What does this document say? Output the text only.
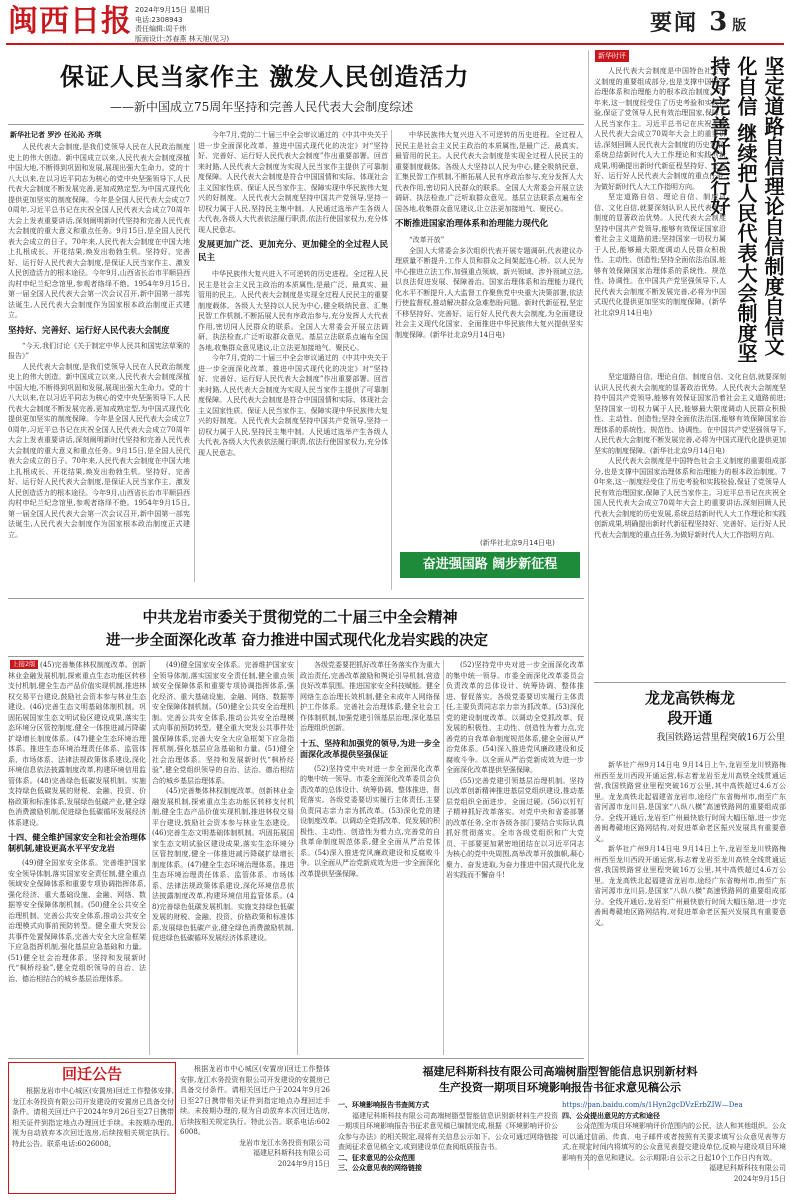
闽西日报 2024年9月15日 星期日
电话:2308943
责任编辑:周千炜
版面设计:苏春燕 林天旭(见习)
要闻 3 版
保证人民当家作主 激发人民创造活力
——新中国成立75周年坚持和完善人民代表大会制度综述
新华社记者 罗沙 任沁沁 齐琪
人民代表大会制度,是我们党领导人民在人民政治制度史上的伟大创造。新中国成立以来,人民代表大会制度深植中国大地,不断得到巩固和发展,展现出强大生命力。党的十八大以来,在以习近平同志为核心的党中央坚强领导下,人民代表大会制度不断发展完善,更加成熟定型,为中国式现代化提供更加坚实的制度保障。今年是全国人民代表大会成立70周年,习近平总书记在庆祝全国人民代表大会成立70周年大会上发表重要讲话,深刻阐明新时代坚持和完善人民代表大会制度的重大意义和重点任务。9月15日,是全国人民代表大会成立的日子。70年来,人民代表大会制度在中国大地上扎根成长、开花结果,焕发出勃勃生机。坚持好、完善好、运行好人民代表大会制度,是保证人民当家作主、激发人民创造活力的根本途径。今年9月,山西省长治市平顺县西沟村申纪兰纪念馆里,参观者络绎不绝。1954年9月15日,第一届全国人民代表大会第一次会议召开,新中国第一部宪法诞生,人民代表大会制度作为国家根本政治制度正式建立。
坚持好、完善好、运行好人民代表大会制度
“今天,我们讨论《关于制定中华人民共和国宪法草案的报告》”
人民代表大会制度,是我们党领导人民在人民政治制度史上的伟大创造。新中国成立以来,人民代表大会制度深植中国大地,不断得到巩固和发展,展现出强大生命力。党的十八大以来,在以习近平同志为核心的党中央坚强领导下,人民代表大会制度不断发展完善,更加成熟定型,为中国式现代化提供更加坚实的制度保障。今年是全国人民代表大会成立70周年,习近平总书记在庆祝全国人民代表大会成立70周年大会上发表重要讲话,深刻阐明新时代坚持和完善人民代表大会制度的重大意义和重点任务。9月15日,是全国人民代表大会成立的日子。70年来,人民代表大会制度在中国大地上扎根成长、开花结果,焕发出勃勃生机。坚持好、完善好、运行好人民代表大会制度,是保证人民当家作主、激发人民创造活力的根本途径。今年9月,山西省长治市平顺县西沟村申纪兰纪念馆里,参观者络绎不绝。1954年9月15日,第一届全国人民代表大会第一次会议召开,新中国第一部宪法诞生,人民代表大会制度作为国家根本政治制度正式建立。
今年7月,党的二十届三中全会审议通过的《中共中央关于进一步全面深化改革、推进中国式现代化的决定》对“坚持好、完善好、运行好人民代表大会制度”作出重要部署。回首来时路,人民代表大会制度为实现人民当家作主提供了可靠制度保障。人民代表大会制度是符合中国国情和实际、体现社会主义国家性质、保证人民当家作主、保障实现中华民族伟大复兴的好制度。人民代表大会制度坚持中国共产党领导,坚持一切权力属于人民,坚持民主集中制。人民通过选举产生各级人大代表,各级人大代表依法履行职责,依法行使国家权力,充分体现人民意志。
发展更加广泛、更加充分、更加健全的全过程人民民主
中华民族伟大复兴进入不可逆转的历史进程。全过程人民民主是社会主义民主政治的本质属性,是最广泛、最真实、最管用的民主。人民代表大会制度是实现全过程人民民主的重要制度载体。各级人大坚持以人民为中心,健全吸纳民意、汇集民智工作机制,不断拓展人民有序政治参与,充分发挥人大代表作用,密切同人民群众的联系。全国人大常委会开展立法调研、执法检查,广泛听取群众意见。基层立法联系点遍布全国各地,收集群众意见建议,让立法更加接地气、聚民心。
今年7月,党的二十届三中全会审议通过的《中共中央关于进一步全面深化改革、推进中国式现代化的决定》对“坚持好、完善好、运行好人民代表大会制度”作出重要部署。回首来时路,人民代表大会制度为实现人民当家作主提供了可靠制度保障。人民代表大会制度是符合中国国情和实际、体现社会主义国家性质、保证人民当家作主、保障实现中华民族伟大复兴的好制度。人民代表大会制度坚持中国共产党领导,坚持一切权力属于人民,坚持民主集中制。人民通过选举产生各级人大代表,各级人大代表依法履行职责,依法行使国家权力,充分体现人民意志。
中华民族伟大复兴进入不可逆转的历史进程。全过程人民民主是社会主义民主政治的本质属性,是最广泛、最真实、最管用的民主。人民代表大会制度是实现全过程人民民主的重要制度载体。各级人大坚持以人民为中心,健全吸纳民意、汇集民智工作机制,不断拓展人民有序政治参与,充分发挥人大代表作用,密切同人民群众的联系。全国人大常委会开展立法调研、执法检查,广泛听取群众意见。基层立法联系点遍布全国各地,收集群众意见建议,让立法更加接地气、聚民心。
不断推进国家治理体系和治理能力现代化
“改革开放”
全国人大常委会多次组织代表开展专题调研,代表建议办理质量不断提升,工作人员和群众之间架起连心桥。以人民为中心推进立法工作,加强重点领域、新兴领域、涉外领域立法,以良法促进发展、保障善治。国家治理体系和治理能力现代化水平不断提升,人大监督工作聚焦党中央重大决策部署,依法行使监督权,推动解决群众急难愁盼问题。新时代新征程,坚定不移坚持好、完善好、运行好人民代表大会制度,为全面建设社会主义现代化国家、全面推进中华民族伟大复兴提供坚实制度保障。(新华社北京9月14日电)
(新华社北京9月14日电)
奋进强国路 阔步新征程
新华时评	坚定道路自信理论自信制度自信文化自信 继续把人民代表大会制度坚持好完善好运行好
人民代表大会制度是中国特色社会主义制度的重要组成部分,也是支撑中国国家治理体系和治理能力的根本政治制度。70年来,这一制度经受住了历史考验和实践检验,保证了党领导人民有效治理国家,保障了人民当家作主。习近平总书记在庆祝全国人民代表大会成立70周年大会上的重要讲话,深刻回顾人民代表大会制度的历史发展,系统总结新时代人大工作理论和实践创新成果,明确提出新时代新征程坚持好、完善好、运行好人民代表大会制度的重点任务,为做好新时代人大工作指明方向。
坚定道路自信、理论自信、制度自信、文化自信,就要深刻认识人民代表大会制度的显著政治优势。人民代表大会制度坚持中国共产党领导,能够有效保证国家沿着社会主义道路前进;坚持国家一切权力属于人民,能够最大限度调动人民群众积极性、主动性、创造性;坚持全面依法治国,能够有效保障国家治理体系的系统性、规范性、协调性。在中国共产党坚强领导下,人民代表大会制度不断发展完善,必将为中国式现代化提供更加坚实的制度保障。(新华社北京9月14日电)
坚定道路自信、理论自信、制度自信、文化自信,就要深刻认识人民代表大会制度的显著政治优势。人民代表大会制度坚持中国共产党领导,能够有效保证国家沿着社会主义道路前进;坚持国家一切权力属于人民,能够最大限度调动人民群众积极性、主动性、创造性;坚持全面依法治国,能够有效保障国家治理体系的系统性、规范性、协调性。在中国共产党坚强领导下,人民代表大会制度不断发展完善,必将为中国式现代化提供更加坚实的制度保障。(新华社北京9月14日电)
人民代表大会制度是中国特色社会主义制度的重要组成部分,也是支撑中国国家治理体系和治理能力的根本政治制度。70年来,这一制度经受住了历史考验和实践检验,保证了党领导人民有效治理国家,保障了人民当家作主。习近平总书记在庆祝全国人民代表大会成立70周年大会上的重要讲话,深刻回顾人民代表大会制度的历史发展,系统总结新时代人大工作理论和实践创新成果,明确提出新时代新征程坚持好、完善好、运行好人民代表大会制度的重点任务,为做好新时代人大工作指明方向。
龙龙高铁梅龙段开通
我国铁路运营里程突破16万公里
新华社广州9月14日电 9月14日上午,龙岩至龙川铁路梅州西至龙川西段开通运营,标志着龙岩至龙川高铁全线贯通运营,我国铁路营业里程突破16万公里,其中高铁超过4.6万公里。龙龙高铁北起福建省龙岩市,途经广东省梅州市,南至广东省河源市龙川县,是国家“八纵八横”高速铁路网的重要组成部分。全线开通后,龙岩至广州最快旅行时间大幅压缩,进一步完善闽粤赣地区路网结构,对促进革命老区振兴发展具有重要意义。
新华社广州9月14日电 9月14日上午,龙岩至龙川铁路梅州西至龙川西段开通运营,标志着龙岩至龙川高铁全线贯通运营,我国铁路营业里程突破16万公里,其中高铁超过4.6万公里。龙龙高铁北起福建省龙岩市,途经广东省梅州市,南至广东省河源市龙川县,是国家“八纵八横”高速铁路网的重要组成部分。全线开通后,龙岩至广州最快旅行时间大幅压缩,进一步完善闽粤赣地区路网结构,对促进革命老区振兴发展具有重要意义。
中共龙岩市委关于贯彻党的二十届三中全会精神
进一步全面深化改革 奋力推进中国式现代化龙岩实践的决定
上接2版 (45)完善集体林权制度改革。创新林业金融发展机制,探索重点生态功能区转移支付机制,健全生态产品价值实现机制,推进林权交易平台建设,鼓励社会资本参与林业生态建设。(46)完善生态文明基础体制机制。巩固拓展国家生态文明试验区建设成果,落实生态环境分区管控制度,健全一体推进减污降碳扩绿增长制度体系。(47)健全生态环境治理体系。推进生态环境治理责任体系、监管体系、市场体系、法律法规政策体系建设,深化环境信息依法披露制度改革,构建环境信用监管体系。(48)完善绿色低碳发展机制。实施支持绿色低碳发展的财税、金融、投资、价格政策和标准体系,发展绿色低碳产业,健全绿色消费激励机制,促进绿色低碳循环发展经济体系建设。
十四、健全维护国家安全和社会治理体制机制,建设更高水平平安龙岩
(49)健全国家安全体系。完善维护国家安全领导体制,落实国家安全责任制,健全重点领域安全保障体系和重要专项协调指挥体系,强化经济、重大基础设施、金融、网络、数据等安全保障体制机制。(50)健全公共安全治理机制。完善公共安全体系,推动公共安全治理模式向事前预防转型。健全重大突发公共事件处置保障体系,完善大安全大应急框架下应急指挥机制,强化基层应急基础和力量。(51)健全社会治理体系。坚持和发展新时代“枫桥经验”,健全党组织领导的自治、法治、德治相结合的城乡基层治理体系。
(49)健全国家安全体系。完善维护国家安全领导体制,落实国家安全责任制,健全重点领域安全保障体系和重要专项协调指挥体系,强化经济、重大基础设施、金融、网络、数据等安全保障体制机制。(50)健全公共安全治理机制。完善公共安全体系,推动公共安全治理模式向事前预防转型。健全重大突发公共事件处置保障体系,完善大安全大应急框架下应急指挥机制,强化基层应急基础和力量。(51)健全社会治理体系。坚持和发展新时代“枫桥经验”,健全党组织领导的自治、法治、德治相结合的城乡基层治理体系。
(45)完善集体林权制度改革。创新林业金融发展机制,探索重点生态功能区转移支付机制,健全生态产品价值实现机制,推进林权交易平台建设,鼓励社会资本参与林业生态建设。(46)完善生态文明基础体制机制。巩固拓展国家生态文明试验区建设成果,落实生态环境分区管控制度,健全一体推进减污降碳扩绿增长制度体系。(47)健全生态环境治理体系。推进生态环境治理责任体系、监管体系、市场体系、法律法规政策体系建设,深化环境信息依法披露制度改革,构建环境信用监管体系。(48)完善绿色低碳发展机制。实施支持绿色低碳发展的财税、金融、投资、价格政策和标准体系,发展绿色低碳产业,健全绿色消费激励机制,促进绿色低碳循环发展经济体系建设。
各级党委要把抓好改革任务落实作为重大政治责任,完善改革激励和舆论引导机制,营造良好改革氛围。推进国家安全科技赋能。健全网络生态治理长效机制,健全未成年人网络保护工作体系。完善社会治理体系,健全社会工作体制机制,加强党建引领基层治理,深化基层治理组织创新。
十五、坚持和加强党的领导,为进一步全面深化改革提供坚强保证
(52)坚持党中央对进一步全面深化改革的集中统一领导。市委全面深化改革委员会负责改革的总体设计、统筹协调、整体推进、督促落实。各级党委要切实履行主体责任,主要负责同志亲力亲为抓改革。(53)深化党的建设制度改革。以调动全党抓改革、促发展的积极性、主动性、创造性为着力点,完善党的自我革命制度规范体系,健全全面从严治党体系。(54)深入推进党风廉政建设和反腐败斗争。以全面从严治党新成效为进一步全面深化改革提供坚强保障。
(52)坚持党中央对进一步全面深化改革的集中统一领导。市委全面深化改革委员会负责改革的总体设计、统筹协调、整体推进、督促落实。各级党委要切实履行主体责任,主要负责同志亲力亲为抓改革。(53)深化党的建设制度改革。以调动全党抓改革、促发展的积极性、主动性、创造性为着力点,完善党的自我革命制度规范体系,健全全面从严治党体系。(54)深入推进党风廉政建设和反腐败斗争。以全面从严治党新成效为进一步全面深化改革提供坚强保障。
(55)完善党建引领基层治理机制。坚持以改革创新精神推进基层党组织建设,推动基层党组织全面进步、全面过硬。(56)以钉钉子精神抓好改革落实。对党中央和省委部署的改革任务,全市各级各部门要结合实际认真抓好贯彻落实。全市各级党组织和广大党员、干部要更加紧密地团结在以习近平同志为核心的党中央周围,高举改革开放旗帜,凝心聚力、奋发进取,为奋力推进中国式现代化龙岩实践而不懈奋斗!
回迁公告
根据龙岩市中心城区(安置房)回迁工作整体安排,龙江水务投资有限公司开发建设的安置房已具备交付条件。请相关回迁户于2024年9月26日至27日携带相关证件到指定地点办理回迁手续。未按期办理的,视为自动放弃本次回迁选房,后续按相关规定执行。特此公告。联系电话:6026008。
根据龙岩市中心城区(安置房)回迁工作整体安排,龙江水务投资有限公司开发建设的安置房已具备交付条件。请相关回迁户于2024年9月26日至27日携带相关证件到指定地点办理回迁手续。未按期办理的,视为自动放弃本次回迁选房,后续按相关规定执行。特此公告。联系电话:6026008。
龙岩市龙江水务投资有限公司
福建尼科斯科技有限公司
2024年9月15日
福建尼科斯科技有限公司高端树脂型智能信息识别新材料
生产投资一期项目环境影响报告书征求意见稿公示
一、环境影响报告书查阅方式
福建尼科斯科技有限公司高端树脂型智能信息识别新材料生产投资一期项目环境影响报告书征求意见稿已编制完成,根据《环境影响评价公众参与办法》的相关规定,现将有关信息公示如下。公众可通过网络链接查阅征求意见稿全文,或到建设单位查阅纸质报告书。
二、征求意见的公众范围
三、公众意见表的网络链接
https://pan.baidu.com/s/1Hyn2gcDVzErbZIW—Dea
四、公众提出意见的方式和途径
公众范围为项目环境影响评价范围内的公民、法人和其他组织。公众可以通过信函、传真、电子邮件或者按照有关要求填写公众意见表等方式,在规定时间内将填写的公众意见表提交建设单位,反映与建设项目环境影响有关的意见和建议。公示期限:自公示之日起10个工作日内有效。
福建尼科斯科技有限公司
2024年9月15日
